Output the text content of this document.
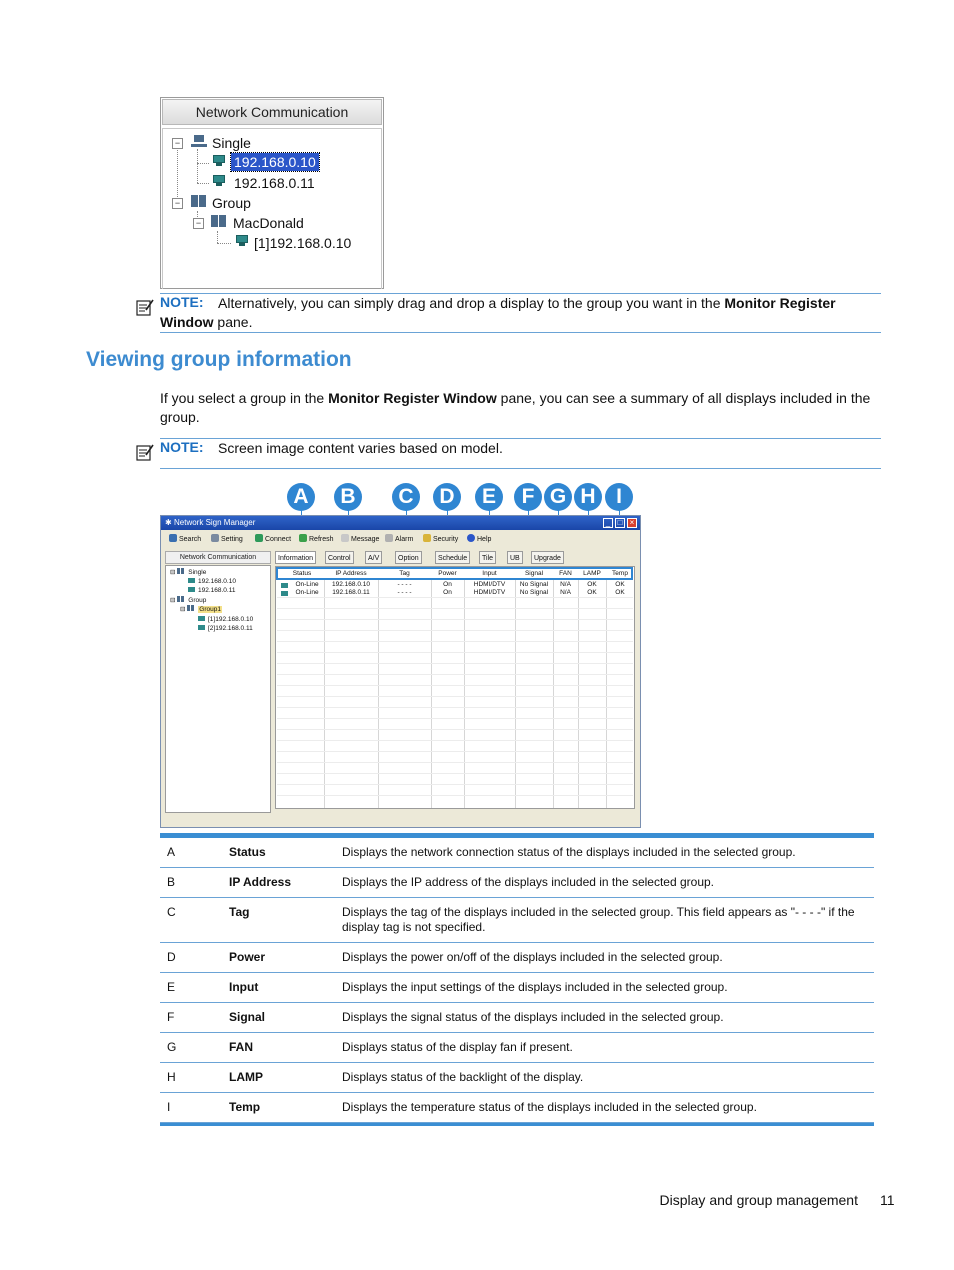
Network Communication
− Single
192.168.0.10
192.168.0.11
− Group
− MacDonald
[1]192.168.0.10
NOTE:	Alternatively, you can simply drag and drop a display to the group you want in the Monitor Register Window pane.
Viewing group information
If you select a group in the Monitor Register Window pane, you can see a summary of all displays included in the group.
NOTE: Screen image content varies based on model.
A	B	C	D	E	F G H I
✱ Network Sign Manager	_ □ ×
Search	Setting	Connect	Refresh	Message	Alarm	Security	Help
Network Communication
⊟ Single
192.168.0.10
192.168.0.11
⊟ Group
⊟ Group1
[1]192.168.0.10
[2]192.168.0.11
Information	Control	A/V	Option	Schedule	Tile	UB	Upgrade
Status	IP Address	Tag	Power	Input	Signal	FAN	LAMP	Temp
On-Line	192.168.0.10	- - - -	On	HDMI/DTV	No Signal	N/A	OK	OK
On-Line	192.168.0.11	- - - -	On	HDMI/DTV	No Signal	N/A	OK	OK

A	Status	Displays the network connection status of the displays included in the selected group.
B	IP Address	Displays the IP address of the displays included in the selected group.
C	Tag	Displays the tag of the displays included in the selected group. This field appears as "- - - -" if the display tag is not specified.
D	Power	Displays the power on/off of the displays included in the selected group.
E	Input	Displays the input settings of the displays included in the selected group.
F	Signal	Displays the signal status of the displays included in the selected group.
G	FAN	Displays status of the display fan if present.
H	LAMP	Displays status of the backlight of the display.
I	Temp	Displays the temperature status of the displays included in the selected group.

Display and group management 11
